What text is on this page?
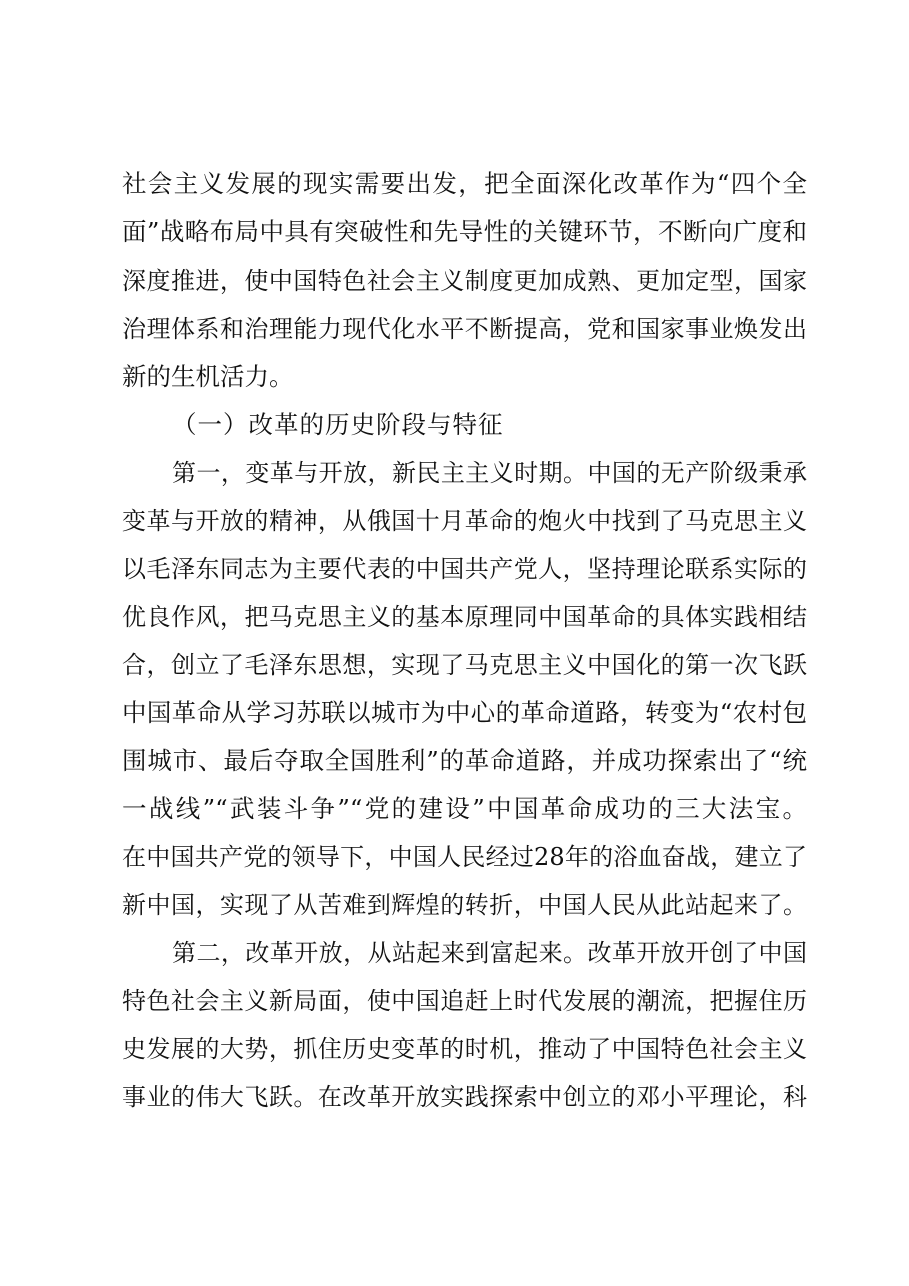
社会主义发展的现实需要出发，把全面深化改革作为“四个全
面”战略布局中具有突破性和先导性的关键环节，不断向广度和
深度推进，使中国特色社会主义制度更加成熟、更加定型，国家
治理体系和治理能力现代化水平不断提高，党和国家事业焕发出
新的生机活力。
（一）改革的历史阶段与特征
第一，变革与开放，新民主主义时期。中国的无产阶级秉承
变革与开放的精神，从俄国十月革命的炮火中找到了马克思主义
以毛泽东同志为主要代表的中国共产党人，坚持理论联系实际的
优良作风，把马克思主义的基本原理同中国革命的具体实践相结
合，创立了毛泽东思想，实现了马克思主义中国化的第一次飞跃
中国革命从学习苏联以城市为中心的革命道路，转变为“农村包
围城市、最后夺取全国胜利”的革命道路，并成功探索出了“统
一战线”“武装斗争”“党的建设”中国革命成功的三大法宝。
在中国共产党的领导下，中国人民经过28年的浴血奋战，建立了
新中国，实现了从苦难到辉煌的转折，中国人民从此站起来了。
第二，改革开放，从站起来到富起来。改革开放开创了中国
特色社会主义新局面，使中国追赶上时代发展的潮流，把握住历
史发展的大势，抓住历史变革的时机，推动了中国特色社会主义
事业的伟大飞跃。在改革开放实践探索中创立的邓小平理论，科
